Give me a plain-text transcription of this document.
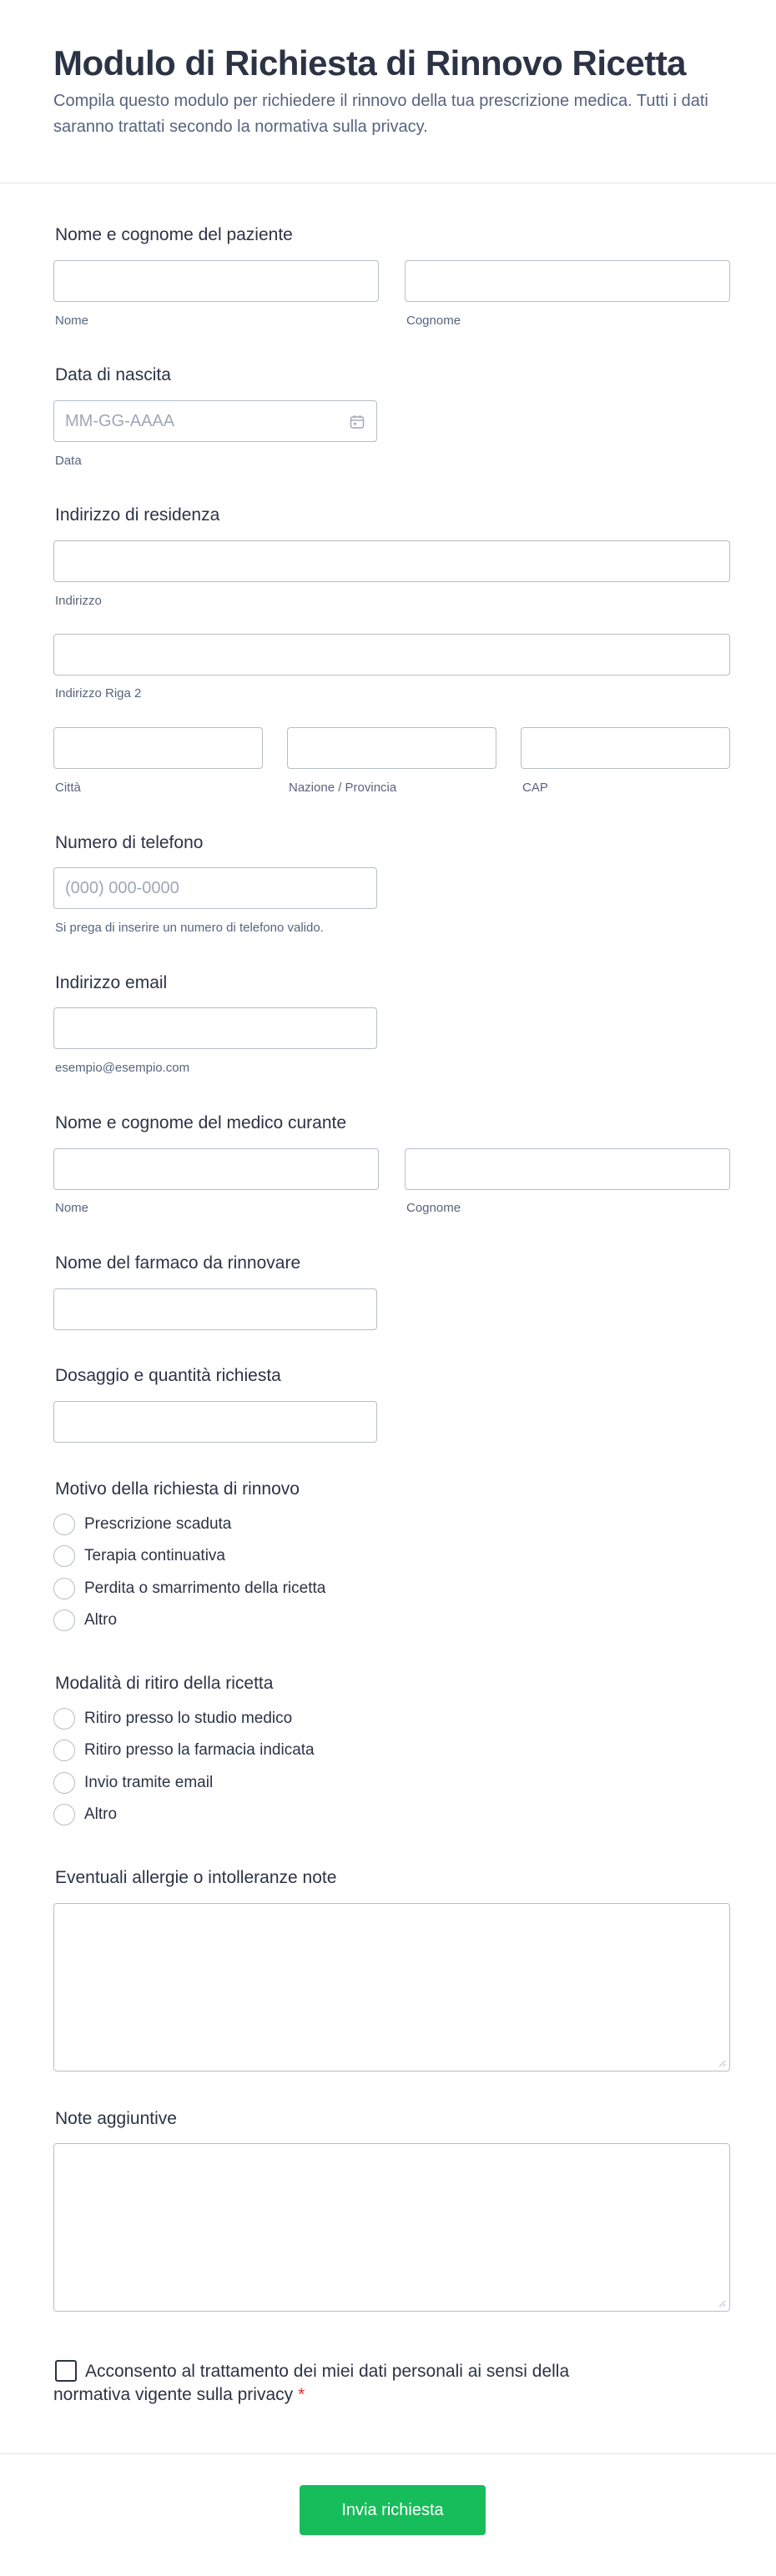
Modulo di Richiesta di Rinnovo Ricetta
Compila questo modulo per richiedere il rinnovo della tua prescrizione medica. Tutti i dati saranno trattati secondo la normativa sulla privacy.
Nome e cognome del paziente
Nome	Cognome
Data di nascita
MM-GG-AAAA
Data
Indirizzo di residenza
Indirizzo
Indirizzo Riga 2
Città	Nazione / Provincia	CAP
Numero di telefono
(000) 000-0000
Si prega di inserire un numero di telefono valido.
Indirizzo email
esempio@esempio.com
Nome e cognome del medico curante
Nome	Cognome
Nome del farmaco da rinnovare
Dosaggio e quantità richiesta
Motivo della richiesta di rinnovo
Prescrizione scaduta
Terapia continuativa
Perdita o smarrimento della ricetta
Altro
Modalità di ritiro della ricetta
Ritiro presso lo studio medico
Ritiro presso la farmacia indicata
Invio tramite email
Altro
Eventuali allergie o intolleranze note
Note aggiuntive
Acconsento al trattamento dei miei dati personali ai sensi della normativa vigente sulla privacy *
Invia richiesta
